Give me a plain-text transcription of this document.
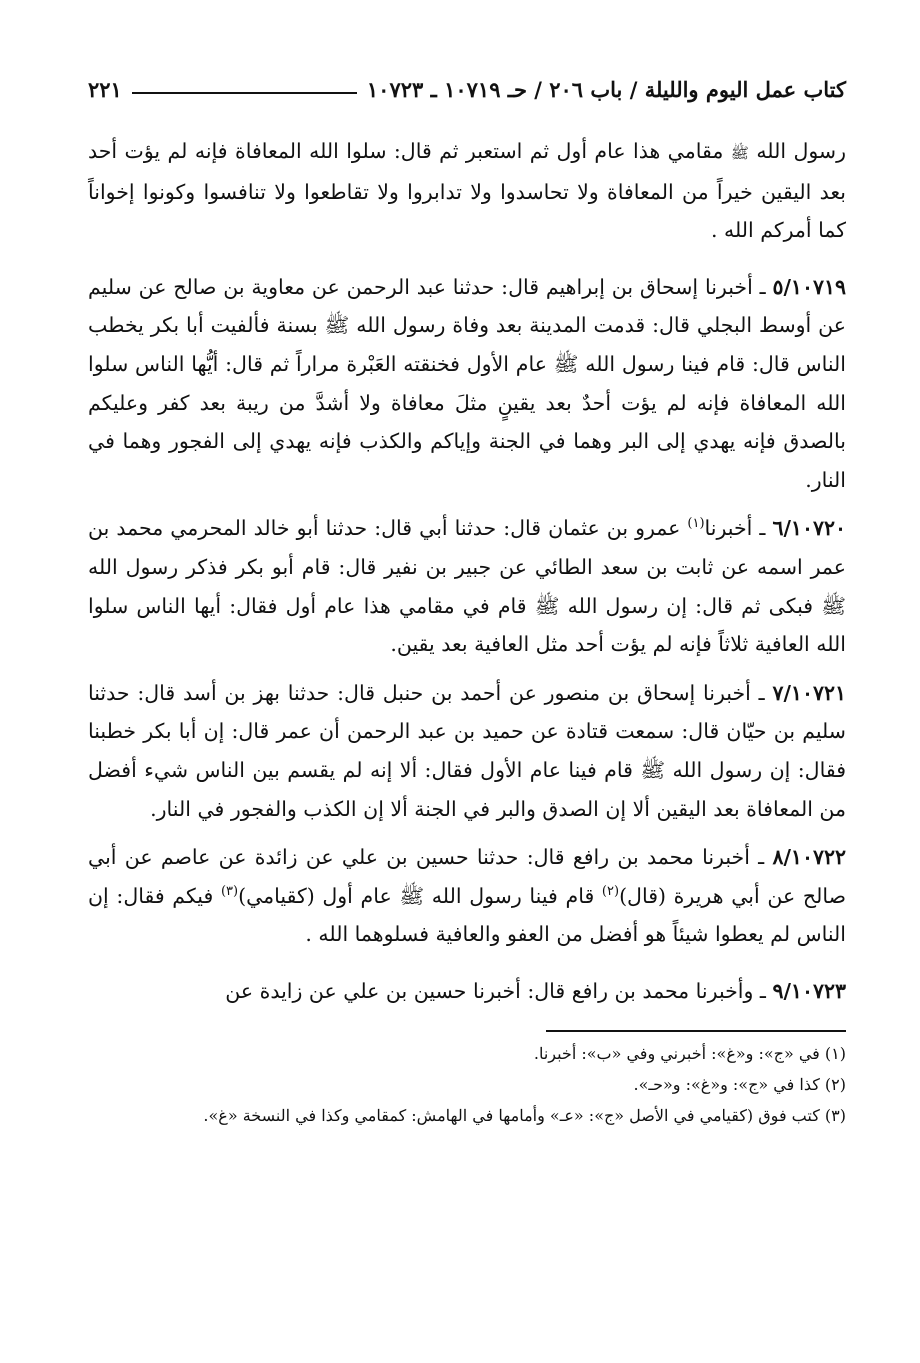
كتاب عمل اليوم والليلة / باب ٢٠٦ / حـ ١٠٧١٩ ـ ١٠٧٢٣
٢٢١

رسول الله ﷺ مقامي هذا عام أول ثم استعبر ثم قال: سلوا الله المعافاة فإنه لم يؤت أحد بعد اليقين خيراً من المعافاة ولا تحاسدوا ولا تدابروا ولا تقاطعوا ولا تنافسوا وكونوا إخواناً كما أمركم الله .

٥/١٠٧١٩ ـ أخبرنا إسحاق بن إبراهيم قال: حدثنا عبد الرحمن عن معاوية بن صالح عن سليم عن أوسط البجلي قال: قدمت المدينة بعد وفاة رسول الله ﷺ بسنة فألفيت أبا بكر يخطب الناس قال: قام فينا رسول الله ﷺ عام الأول فخنقته العَبْرة مراراً ثم قال: أيُّها الناس سلوا الله المعافاة فإنه لم يؤت أحدٌ بعد يقينٍ مثلَ معافاة ولا أشدَّ من ريبة بعد كفر وعليكم بالصدق فإنه يهدي إلى البر وهما في الجنة وإياكم والكذب فإنه يهدي إلى الفجور وهما في النار.

٦/١٠٧٢٠ ـ أخبرنا$^{(١)}$ عمرو بن عثمان قال: حدثنا أبي قال: حدثنا أبو خالد المحرمي محمد بن عمر اسمه عن ثابت بن سعد الطائي عن جبير بن نفير قال: قام أبو بكر فذكر رسول الله ﷺ فبكى ثم قال: إن رسول الله ﷺ قام في مقامي هذا عام أول فقال: أيها الناس سلوا الله العافية ثلاثاً فإنه لم يؤت أحد مثل العافية بعد يقين.

٧/١٠٧٢١ ـ أخبرنا إسحاق بن منصور عن أحمد بن حنبل قال: حدثنا بهز بن أسد قال: حدثنا سليم بن حيّان قال: سمعت قتادة عن حميد بن عبد الرحمن أن عمر قال: إن أبا بكر خطبنا فقال: إن رسول الله ﷺ قام فينا عام الأول فقال: ألا إنه لم يقسم بين الناس شيء أفضل من المعافاة بعد اليقين ألا إن الصدق والبر في الجنة ألا إن الكذب والفجور في النار.

٨/١٠٧٢٢ ـ أخبرنا محمد بن رافع قال: حدثنا حسين بن علي عن زائدة عن عاصم عن أبي صالح عن أبي هريرة (قال)$^{(٢)}$ قام فينا رسول الله ﷺ عام أول (كقيامي)$^{(٣)}$ فيكم فقال: إن الناس لم يعطوا شيئاً هو أفضل من العفو والعافية فسلوهما الله .

٩/١٠٧٢٣ ـ وأخبرنا محمد بن رافع قال: أخبرنا حسين بن علي عن زايدة عن

(١) في «ج»: و«غ»: أخبرني وفي «ب»: أخبرنا.
(٢) كذا في «ج»: و«غ»: و«حـ».
(٣) كتب فوق (كقيامي في الأصل «ج»: «عـ» وأمامها في الهامش: كمقامي وكذا في النسخة «غ».
